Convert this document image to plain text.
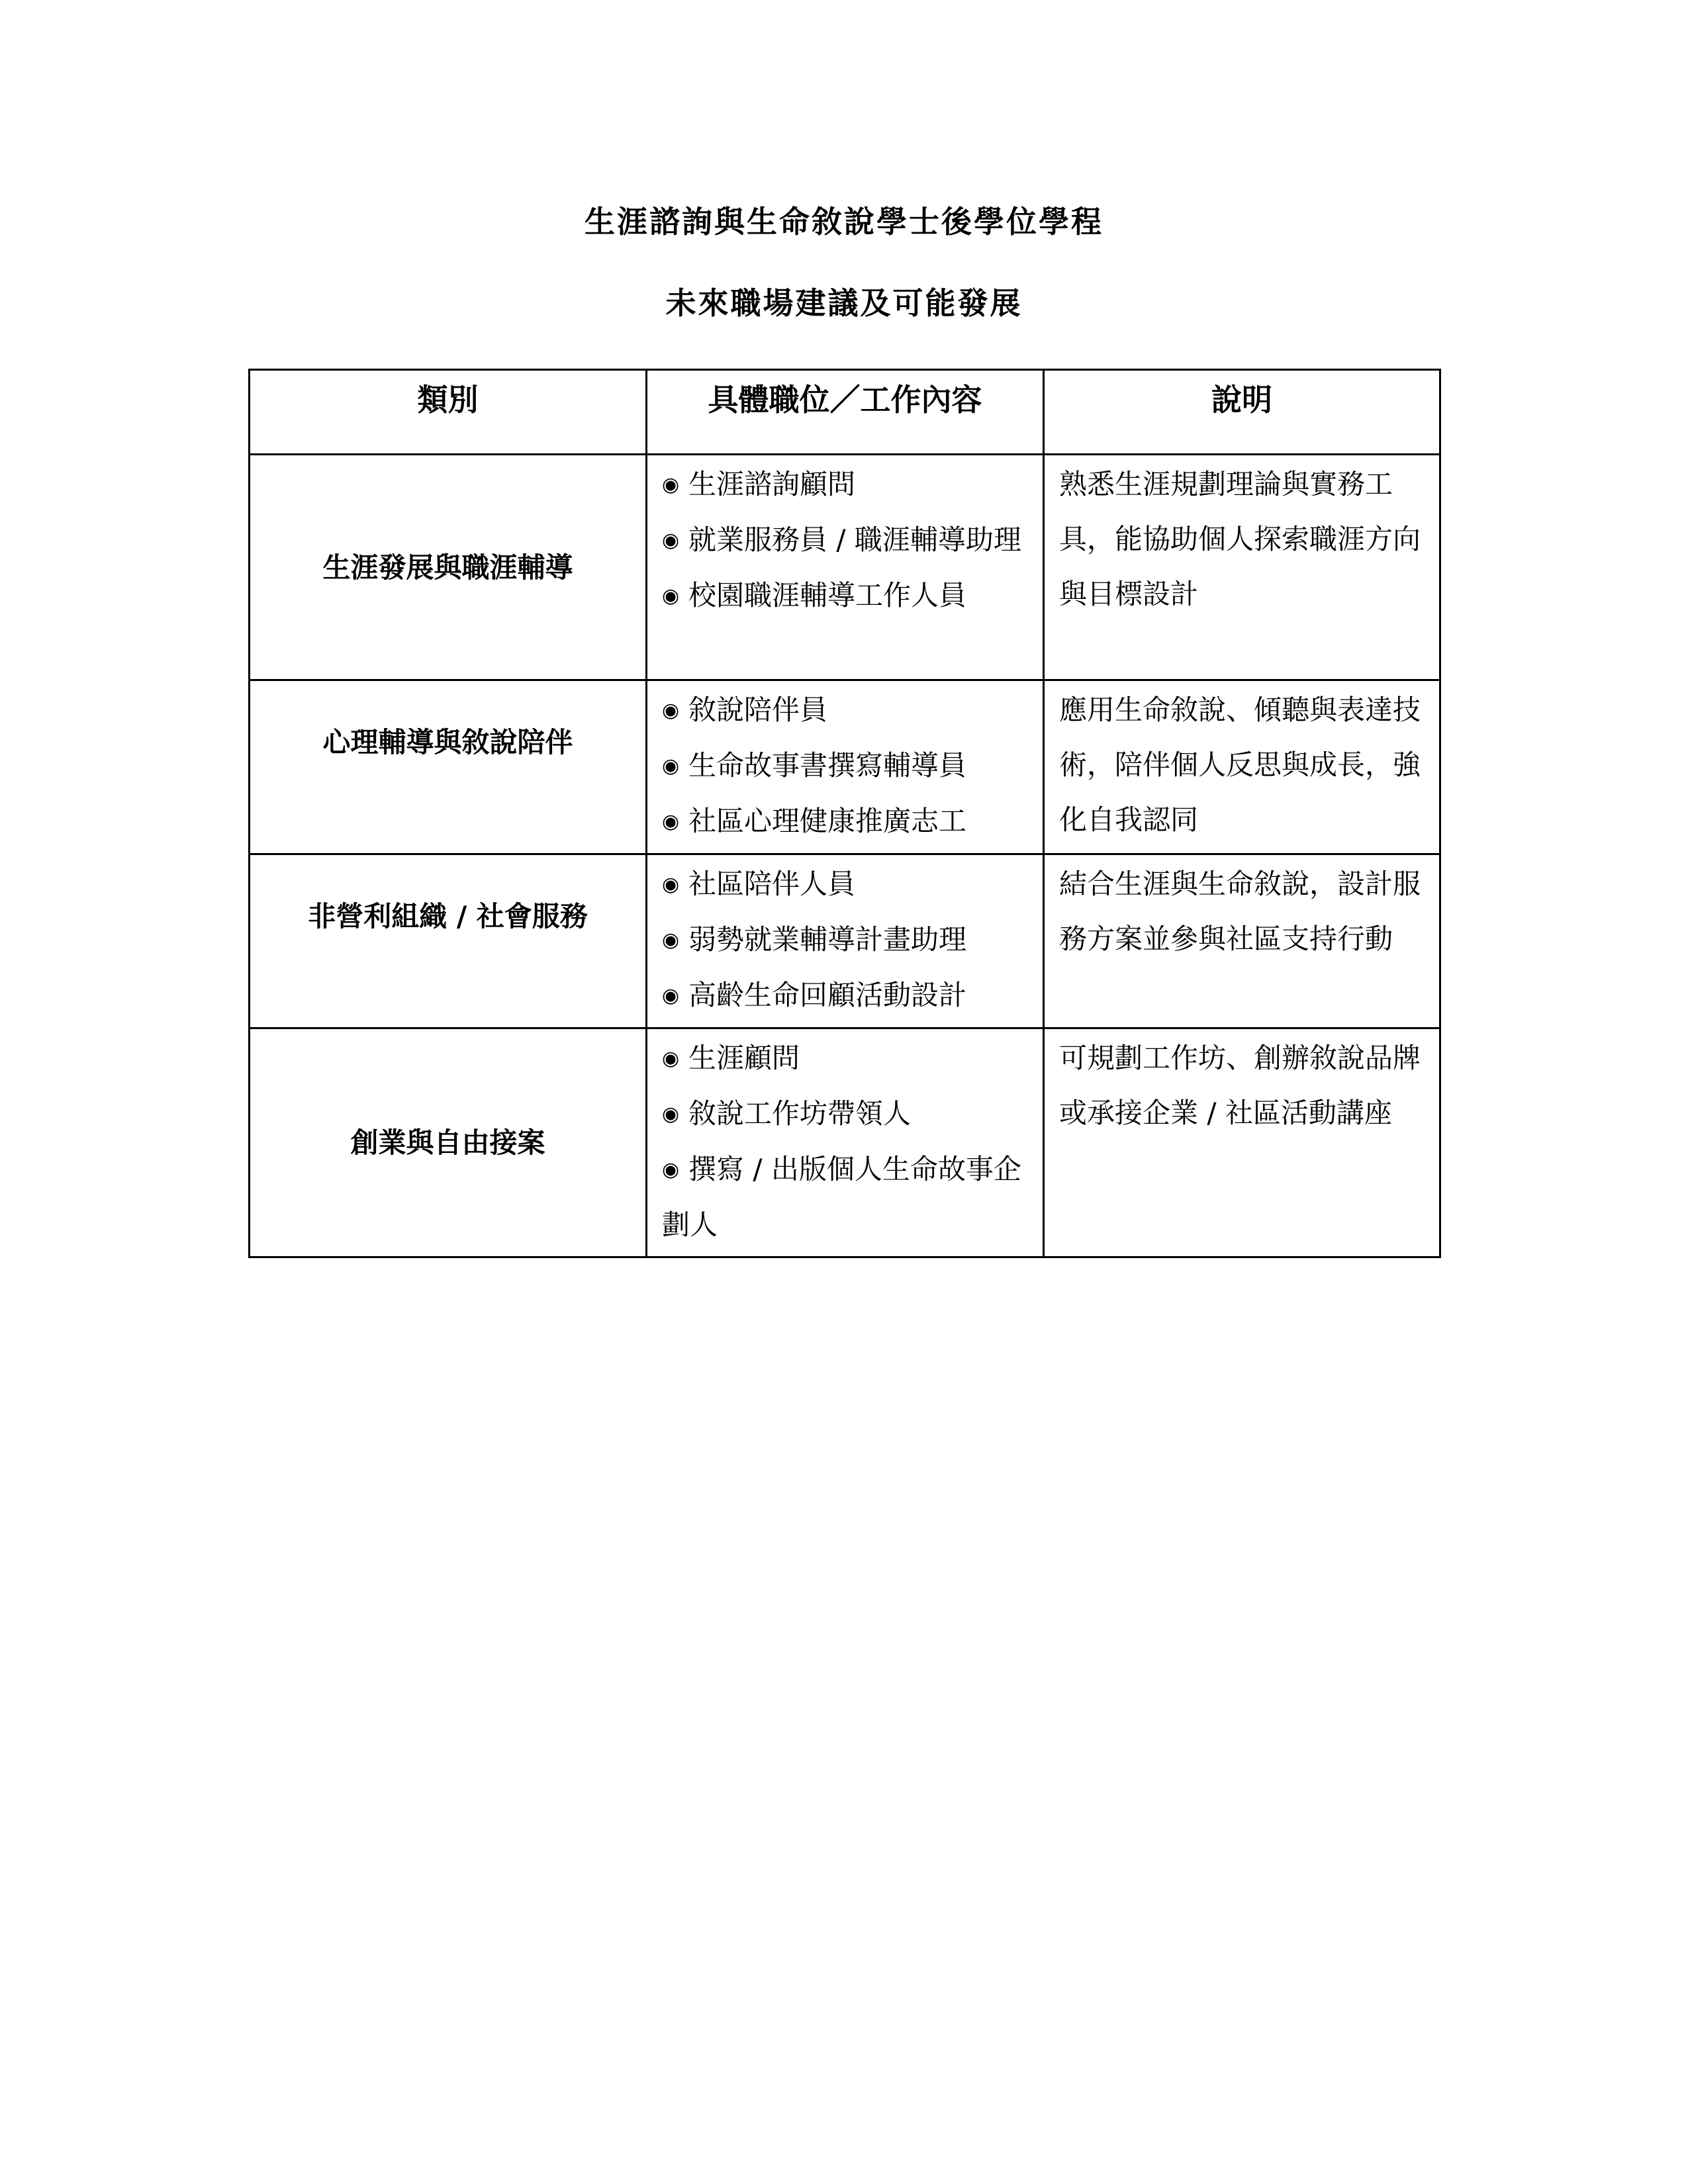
生涯諮詢與生命敘說學士後學位學程
未來職場建議及可能發展
類別	具體職位／工作內容	說明

生涯發展與職涯輔導	◉ 生涯諮詢顧問
◉ 就業服務員 / 職涯輔導助理
◉ 校園職涯輔導工作人員	熟悉生涯規劃理論與實務工具，能協助個人探索職涯方向與目標設計

心理輔導與敘說陪伴	◉ 敘說陪伴員
◉ 生命故事書撰寫輔導員
◉ 社區心理健康推廣志工	應用生命敘說、傾聽與表達技術，陪伴個人反思與成長，強化自我認同

非營利組織 / 社會服務	◉ 社區陪伴人員
◉ 弱勢就業輔導計畫助理
◉ 高齡生命回顧活動設計	結合生涯與生命敘說，設計服務方案並參與社區支持行動

創業與自由接案	◉ 生涯顧問
◉ 敘說工作坊帶領人
◉ 撰寫 / 出版個人生命故事企劃人	可規劃工作坊、創辦敘說品牌或承接企業 / 社區活動講座
